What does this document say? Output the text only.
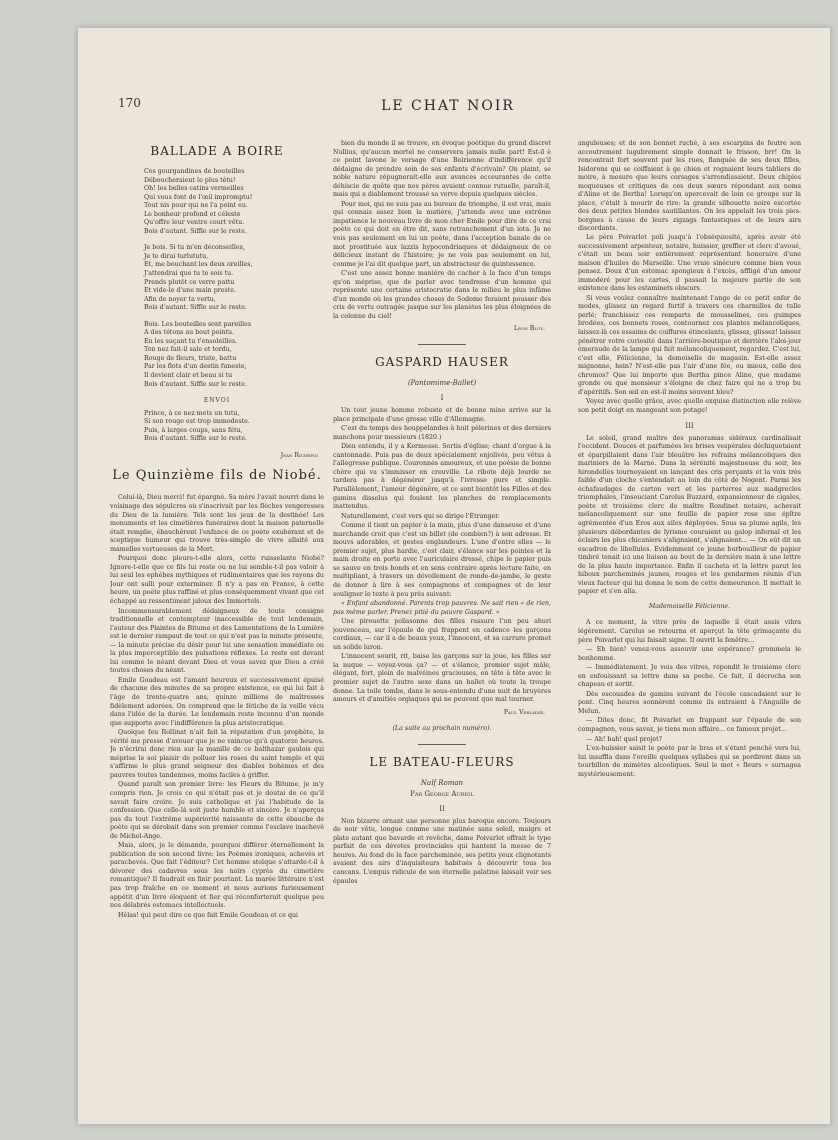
170	LE CHAT NOIR
BALLADE A BOIRE
Ces gourgandines de bouteilles
Déboucheraient le plus têtu!
Oh! les belles catins vermeilles
Qui vous font de l'œil impromptu!
Tout nis pour qui ne l'a point eu.
Le bonheur profond et céleste
Qu'offre leur ventre court vêtu.
Bois d'autant. Siffle sur le reste.
Je bois. Si tu m'en déconseilles,
Je te dirai turlututu,
Et, me bouchant les deux oreilles,
J'attendrai que tu te sois tu.
Prends plutôt ce verre pattu
Et vide-le d'une main preste.
Afin de noyer ta vertu,
Bois d'autant. Siffle sur le reste.
Bois. Les bouteilles sont pareilles
A des tétons au bout pointu.
En les suçant tu t'ensoleilles.
Ton nez fait-il sale et tordu,
Rouge de fleurs, triste, battu
Par les flots d'un destin funeste,
Il devient clair et beau si tu
Bois d'autant. Siffle sur le reste.
ENVOI
Prince, à ce nez mets un tutu,
Si son rouge est trop immodeste.
Puis, à larges coups, sans fétu,
Bois d'autant. Siffle sur le reste.
Jean Richepin
Le Quinzième fils de Niobé.

Celui-là, Dieu merci! fut épargné. Sa mère l'avait nourri dans le voisinage des sépulcres où s'inscrivait par les flèches vengeresses du Dieu de la lumière. Tels sont les jeux de la destinée! Les monuments et les cimetières funéraires dont la maison paternelle était remplie, ébauchèrent l'enfance de ce poète exubérant et de sceptique humeur qui trouve très-simple de vivre allaité aux mamelles vertueuses de la Mort.

Pourquoi donc pleure-t-elle alors, cette ruisselante Niobé? Ignore-t-elle que ce fils lui reste ou ne lui semble-t-il pas valoir à lui seul les ephèbes mythiques et rudimentaires que les rayons du Jour ont sulli pour exterminer. Il n'y a pas en France, à cette heure, un poète plus raffiné et plus conséquemment vivant que cet échappé au ressentiment jaloux des Immortels.

Incommensurablement dédaigneux de toute consigne traditionnelle et contempteur inaccessible de tout lendemain, l'auteur des Plaintes de Bitume et des Lamentations de la Lumière est le dernier rampaut de tout ce qui n'est pas la minute présente, — la minute précise du désir pour lui une sensation immédiate ou la plus imperceptible des pulsations réflexes. Le reste est devant lui comme le néant devant Dieu et vous savez que Dieu a créé toutes choses du néant.

Emile Goudeau est l'amant heureux et successivement épuisé de chacune des minutes de sa propre existence, ce qui lui fait à l'âge de trente-quatre ans, quinze millions de maîtresses fidèlement adorées. On comprend que le fétiche de la veille vécu dans l'idée de la durée. Le lendemain reste inconnu d'un monde que supporte avec l'indifférence la plus aristocratique.

Quoique feu Rollinat n'ait fait la réputation d'un prophète, la vérité me presse d'avouer que je ne vaincue qu'à quatorze heures. Je n'écrirai donc rien sur la manille de ce balthazar gaulois qui méprise le soi plaisir de polluer les roses du saint temple et qui s'affirme le plus grand seigneur des diables bohèmes et des pauvres toutes tandemnes, moins faciles à griffer.

Quand paraît son premier livre: les Fleurs du Bitume, je m'y compris rien. Je crois ce qui n'était pas et je doutai de ce qu'il savait faire croire. Je suis catholique et j'ai l'habitude de la confession. Que celle-là soit juste humble et sincère. Je n'aperçus pas du tout l'extrême supériorité naissante de cette ébauche de poète qui se dérobait dans son premier comme l'esclave inachevé de Michel-Ange.

Mais, alors, je le démande, pourquoi différer éternellement la publication de son second livre: les Poèmes ironiques, achevés et parachevés. Que fait l'éditeur? Cet homme stoïque s'attarde-t-il à dévorer des cadavres sous les noirs cyprès du cimetière romantique? Il faudrait en finir pourtant. La marée littéraire n'est pas trop fraîche en ce moment et nous aurions furieusement appétit d'un livre éloquent et fier qui réconforterait quelque peu nos délabrés estomacs intellectuels.

Hélas! qui peut dire ce que fait Emile Goudeau et ce qui

bien du monde il se trouve, en évoque poétique du grand discret Nullius, qu'aucun mortel ne conservera jamais nulle part! Est-il è ce point lavone le versage d'une Boirienne d'indifférence qu'il dédaigne de prendre soin de ses enfants d'écrivain? On plaint, se noble nature répugnerait-elle aux avances ecceurantes de cette déhiscie de quête que nos pères avaient connue rutuelle, paraît-il, mais qui a diablement troussé sa verve depuis quelques siècles.

Pour moi, qui ne suis pas au bureau de triomphe, il est vrai, mais qui connais assez bien la matière, j'attends avec une extrême impatience le nouveau livre de mon cher Emile pour dire de ce vrai poète ce qui doit en être dit, sans retranchement d'un iota. Je ne vois pas seulement en lui un poète, dans l'acception banale de ce mot prostituée aux lazzis hypocondriaques et dédaigneux de ce délicieux instant de l'histoire; je ne vois pas seulement en lui, comme je l'ai dit quelque part, un abstracteur de quintessence.

C'est une assez bonne manière de cacher à la face d'un temps qu'on méprise, que de parler avec tendresse d'un homme qui représente une certaine aristocratie dans le milieu le plus infâme d'un monde où les grandes choses de Sodome feraient pousser des cris de vertu outragée jusque sur les planètes les plus éloignées de la colonne du ciel!

Léon Bloy.
GASPARD HAUSER
(Pantomime-Ballet)
I

Un tout jeune homme robuste et de bonne mine arrive sur la place principale d'une grosse ville d'Allemagne.

C'est du temps des houppelandes à huit pèlerines et des derniers manchons pour messieurs (1820.)

Dieu entendu, il y a Kermesse. Sortis d'église; chant d'orgue à la cantonnade. Puis pas de deux spécialement enjolivés, peu vêtus à l'allégresse publique. Couronnés amoureux, et une poésie de bonne chère qui va s'immisser en creuville. Le ribote déjà lourde ne tardera pas à dégénérer jusqu'à l'ivresse pure et simple. Parallèlement, l'amour dégénère, et ce sont bientôt les Filles et des gamins dissolus qui foulent les planches de remplacements inattendus.

Naturellement, c'est vers qui se dirige l'Étranger.

Comme il tient un papier à la main, plus d'une danseuse et d'une marchande croit que c'est un billet (de combien?) à son adresse. Et mouvs adorables, et gestes englandeurs. L'une d'entre elles — le premier sujet, plus hardie, c'est clair, s'élance sur les pointes et la main droite en porte avec l'auriculaire dressé, chipe le papier puis se sauve en trois bonds et en sens contraire après lecture faite, en multipliant, à travers un dévoilement de ronde-de-jambe, le geste de donner à lire à ses compagnons et compagnes et de leur souligner le texte à peu près suivant:

« Enfant abandonné. Parents trop pauvres. Ne sait rien « de rien, pas même parler. Prenez pitié du pauvre Gaspard. »

Une pirouette polissonne des filles rassure l'un peu ahuri jouvenceau, sur l'épaule de qui frappent en cadence les garçons cordiaux, — car il a de beaux yeux, l'innocent, et sa carrure promet un solide luron.

L'innocent sourit, rit, baise les garçons sur la joue, les filles sur la nuque — voyez-vous ça? — et s'élance, premier sujet mâle, élégant, fort, plein de malvéines gracieuses, en tête à tête avec le premier sujet de l'autre sexe dans un ballet où toute la troupe donne. La toile tombe, dans le sous-entendu d'une nuit de bruyères amours et d'amitiés orgiaques qui ne peuvent que mal tourner.

Paul Verlaine.
(La suite au prochain numéro).
LE BATEAU-FLEURS
Naïf Roman
Par George Auriol
II

Non bizarre ornant une personne plus baroque encore. Toujours de noir vêtu, longue comme une matinée sans soleil, maigre et plate autant que bavarde et revêche, dame Poivarlet offrait le type parfait de ces dévotes provinciales qui hantent la messe de 7 heures. Au fond de la face parcheminée, ses petits yeux clignotants avaient des airs d'inquisiteurs habitués à découvrir tous les cancans. L'exquis ridicule de son éternelle palatine laissait voir ses épaules

anguleuses; et de son bonnet ruché, à ses escarpins de feutre son accoutrement lugubrement simple donnait le frisson, brr! On la rencontrait fort souvent par les rues, flanquée de ses deux filles, Isidorons qui se coiffaient à ge chien et rognaient leurs tabliers de moire, à mesure que leurs corsages s'arrondissaient. Deux chipies moqueuses et critiques de ces deux sœurs répondant aux noms d'Aline et de Bertha! Lorsqu'on apercevait de loin ce groupe sur la place, c'était à mourir de rire: la grande silhouette noire escortée des deux petites blondes sautillantes. On les appelait les trois pies-borgnes à cause de leurs zigzags fantastiques et de leurs airs discordants.

Le père Poivarlet poli jusqu'à l'obséquiosité, après avoir été successivement arpenteur, notaire, huissier, greffier et clerc d'avoué, c'était un beau soir entièrement représentant honoraire d'une maison d'huiles de Marseille. Une vraie sinécure comme bien vous pensez. Doux d'un estomac spongieux à l'excès, affligé d'un amour immodéré pour les cartes, il passait la majeure partie de son existence dans les estaminets obscurs.

Si vous voulez connaître maintenant l'ange de ce petit enfer de modes, glissez un regard furtif à travers ces charmilles de tulle perlé; franchissez ces remparts de mousselines, ces guimpes brodées, ces bonnets roses, contournez ces plantes mélancoliques, laissez-là ces essaims de coiffures étincelants, glissez, glissez! laissez pénétrer votre curiosité dans l'arrière-boutique et derrière l'aloi-jour émeraude de la lampe qui fait mélancoliquement, regardez. C'est lui, c'est elle, Félicienne, la demoiselle de magasin. Est-elle assez mignonne, hein? N'est-elle pas l'air d'une fée, ou mieux, celle des chromos? Que lui importe que Bertha pince Aline, que madame gronde ou que monsieur s'éloigne de chez faire qui ne a trop bu d'apéritifs. Son œil en est-il moins souvent bleu?

Voyez avec quelle grâce, avec quelle exquise distinction elle relève son petit doigt en mangeant son potage!

III

Le soleil, grand maître des panoramas sidéraux cardinalisait l'occident. Douces et parfumées les brises vespérales déchiquetaient et éparpillaient dans l'air bleuâtre les refrains mélancoliques des mariniers de la Marne. Dans la sérénité majestueuse du soir, les hirondelles tournoyaient en lançant des cris perçants et la voix très faible d'un cloche s'entendait au loin du côté de Nogent. Parmi les échafaudages de carton vert et les parterres aux madgrecles triomphales, l'insouciant Carolus Buzzard, expansionneur de cigales, poète et troisième clerc de maître Rondinet notaire, achevait mélancoliquement sur une feuille de papier rose une épître agrémentée d'un Eros aux ailes déployées. Sous sa plume agile, les plusieurs débordantes de lyrisme couraient au galop infernal et les éclairs les plus chicaniers s'alignaient, s'alignaient... — On eût dit un escadron de libellules. Evidemment ce jeune barbouilleur de papier timbré tenait ici une liaison au bout de la dernière main à une lettre de la plus haute importance. Enfin il cacheta et la lettre parut les hiboux parcheminés jaunes, rouges et les gendarmes réunis d'un vieux facteur qui lui donna le nom de cette demeurance. Il mettait le papier et s'en alla.

Mademoiselle Félicienne.

A ce moment, la vitre près de laquelle il était assis vibra légèrement. Carolus se retourna et aperçut la tête grimaçante du père Poivarlet qui lui faisait signe. Il ouvrit la fenêtre...

— Eh bien! venez-vous assouvir une espérance? grommela le bonhomme.

— Immédiatement. Je vois des vitres, répondit le troisième clerc en enfouissant sa lettre dans sa poche. Ce fait, il décrocha son chapeau et sortit.

Dès escouades de gamins suivant de l'école cascadaient sur le pont. Cinq heures sonnèrent comme ils entraient à l'Anguille de Melun.

— Dites donc, fit Poivarlet en frappant sur l'épaule de son compagnon, vous savez, je tiens mon affaire... ce fameux projet...

— Ah! bah! quel projet?

L'ex-huissier saisit le poète par le bras et s'étant penché vers lui, lui insuffla dans l'oreille quelques syllabes qui se perdirent dans un tourbillon de mimètes alcooliques. Seul le mot « fleurs » surnagea mystérieusement.
